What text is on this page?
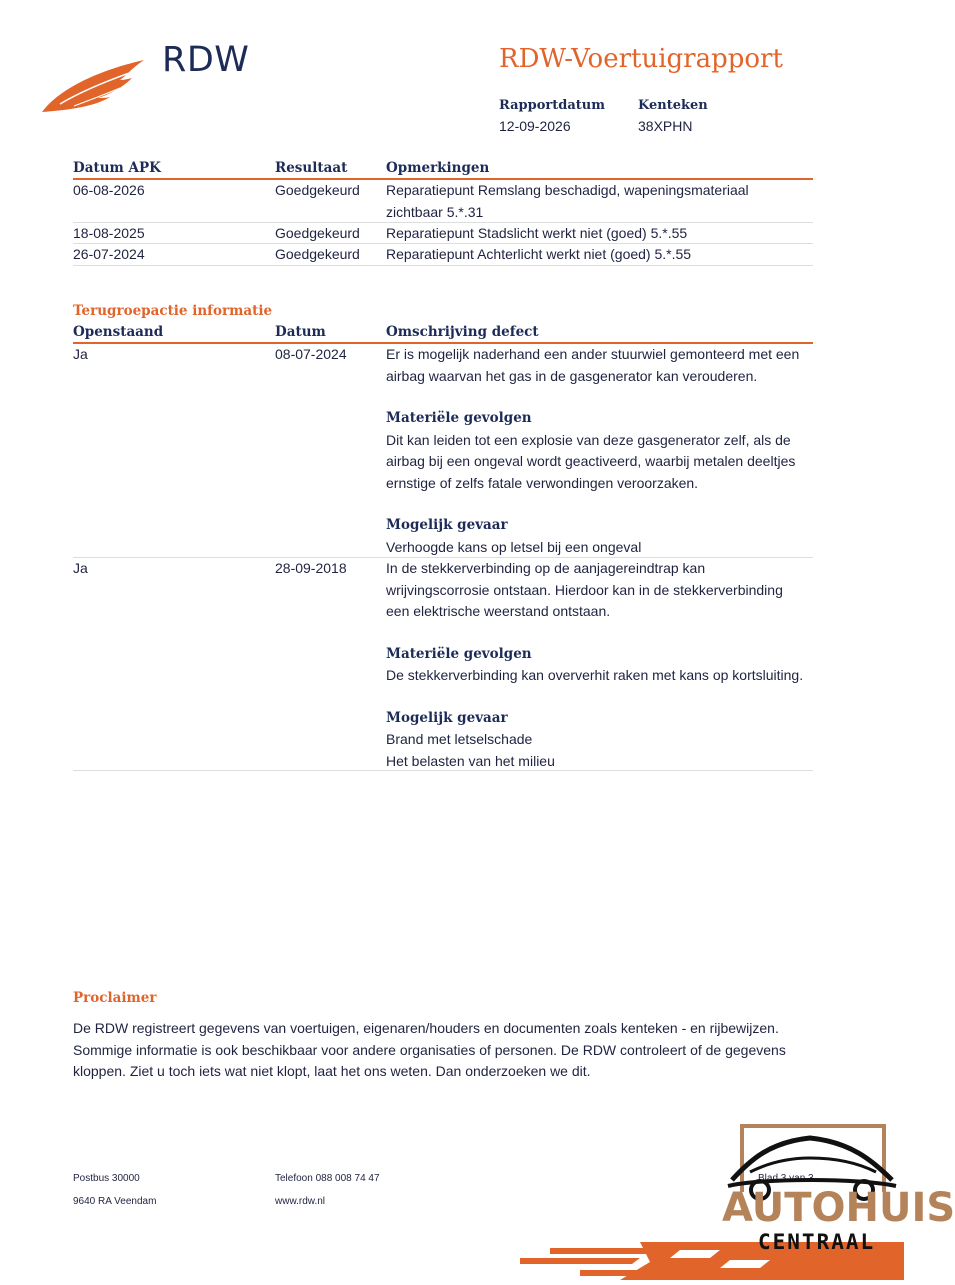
RDW	RDW-Voertuigrapport
Rapportdatum
12-09-2026
Kenteken
38XPHN
Datum APK	Resultaat	Opmerkingen
06-08-2026	Goedgekeurd Reparatiepunt Remslang beschadigd, wapeningsmateriaal zichtbaar 5.*.31
18-08-2025	Goedgekeurd Reparatiepunt Stadslicht werkt niet (goed) 5.*.55
26-07-2024	Goedgekeurd Reparatiepunt Achterlicht werkt niet (goed) 5.*.55
Terugroepactie informatie
Openstaand	Datum	Omschrijving defect
Ja	08-07-2024	Er is mogelijk naderhand een ander stuurwiel gemonteerd met een airbag waarvan het gas in de gasgenerator kan verouderen.
Materiële gevolgen
Dit kan leiden tot een explosie van deze gasgenerator zelf, als de airbag bij een ongeval wordt geactiveerd, waarbij metalen deeltjes ernstige of zelfs fatale verwondingen veroorzaken.
Mogelijk gevaar
Verhoogde kans op letsel bij een ongeval
Ja	28-09-2018	In de stekkerverbinding op de aanjagereindtrap kan wrijvingscorrosie ontstaan. Hierdoor kan in de stekkerverbinding een elektrische weerstand ontstaan.
Materiële gevolgen
De stekkerverbinding kan oververhit raken met kans op kortsluiting.
Mogelijk gevaar
Brand met letselschade
Het belasten van het milieu
Proclaimer
De RDW registreert gegevens van voertuigen, eigenaren/houders en documenten zoals kenteken - en rijbewijzen. Sommige informatie is ook beschikbaar voor andere organisaties of personen. De RDW controleert of de gegevens kloppen. Ziet u toch iets wat niet klopt, laat het ons weten. Dan onderzoeken we dit.
Postbus 30000
9640 RA Veendam
Telefoon 088 008 74 47
www.rdw.nl
Blad 3 van 3
AUTOHUIS
CENTRAAL
